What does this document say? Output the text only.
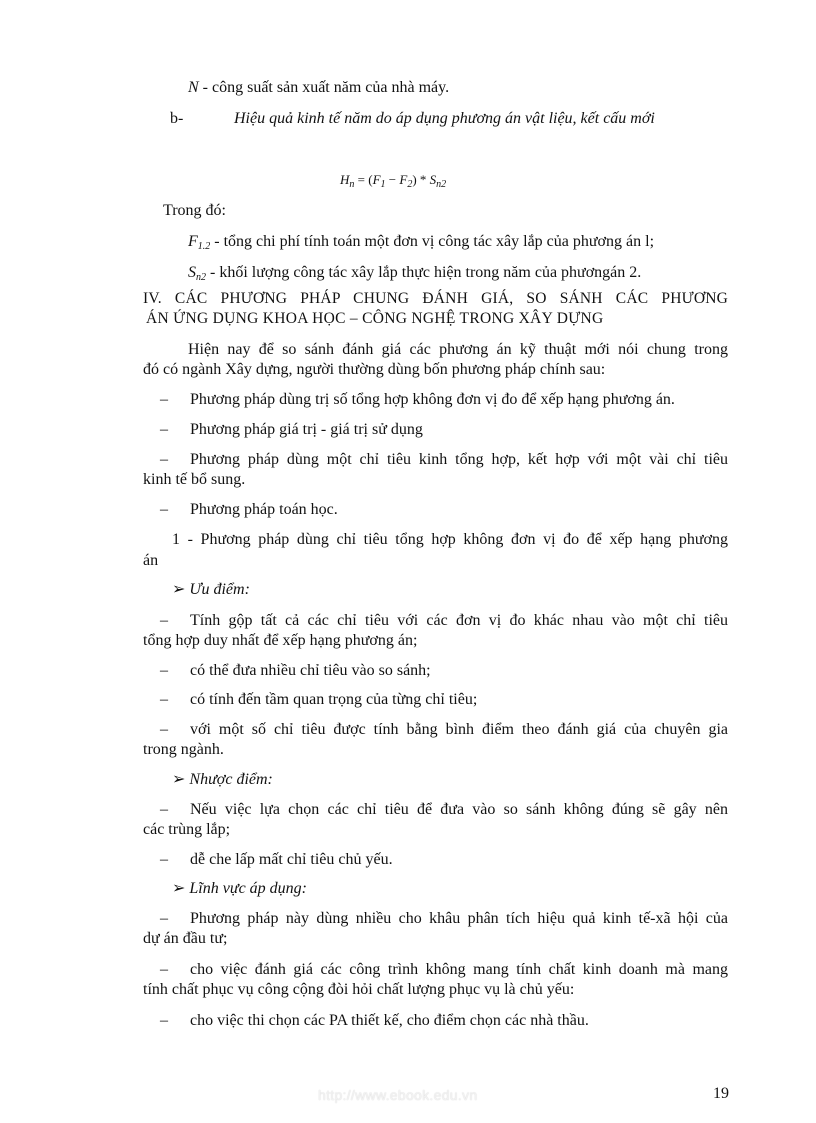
N - công suất sản xuất năm của nhà máy.
b-	Hiệu quả kinh tế năm do áp dụng phương án vật liệu, kết cấu mới
$H_n = (F_1 - F_2) * S_{n2}$
Trong đó:
$F_{1.2}$ - tổng chi phí tính toán một đơn vị công tác xây lắp của phương án l;
$S_{n2}$ - khối lượng công tác xây lắp thực hiện trong năm của phươngán 2.
IV. CÁC PHƯƠNG PHÁP CHUNG ĐÁNH GIÁ, SO SÁNH CÁC PHƯƠNG
ÁN ỨNG DỤNG KHOA HỌC – CÔNG NGHỆ TRONG XÂY DỰNG
Hiện nay để so sánh đánh giá các phương án kỹ thuật mới nói chung trong
đó có ngành Xây dựng, người thường dùng bốn phương pháp chính sau:
– Phương pháp dùng trị số tổng hợp không đơn vị đo để xếp hạng phương án.
– Phương pháp giá trị - giá trị sử dụng
– Phương pháp dùng một chỉ tiêu kinh tổng hợp, kết hợp với một vài chỉ tiêu
kinh tế bổ sung.
– Phương pháp toán học.
1 - Phương pháp dùng chỉ tiêu tổng hợp không đơn vị đo để xếp hạng phương
án
➢ Ưu điểm:
– Tính gộp tất cả các chỉ tiêu với các đơn vị đo khác nhau vào một chỉ tiêu
tổng hợp duy nhất để xếp hạng phương án;
– có thể đưa nhiều chỉ tiêu vào so sánh;
– có tính đến tầm quan trọng của từng chỉ tiêu;
– với một số chỉ tiêu được tính bằng bình điểm theo đánh giá của chuyên gia
trong ngành.
➢ Nhược điểm:
– Nếu việc lựa chọn các chỉ tiêu để đưa vào so sánh không đúng sẽ gây nên
các trùng lắp;
– dễ che lấp mất chỉ tiêu chủ yếu.
➢ Lĩnh vực áp dụng:
– Phương pháp này dùng nhiều cho khâu phân tích hiệu quả kinh tế-xã hội của
dự án đầu tư;
– cho việc đánh giá các công trình không mang tính chất kinh doanh mà mang
tính chất phục vụ công cộng đòi hỏi chất lượng phục vụ là chủ yếu:
– cho việc thi chọn các PA thiết kế, cho điểm chọn các nhà thầu.
http://www.ebook.edu.vn	19
